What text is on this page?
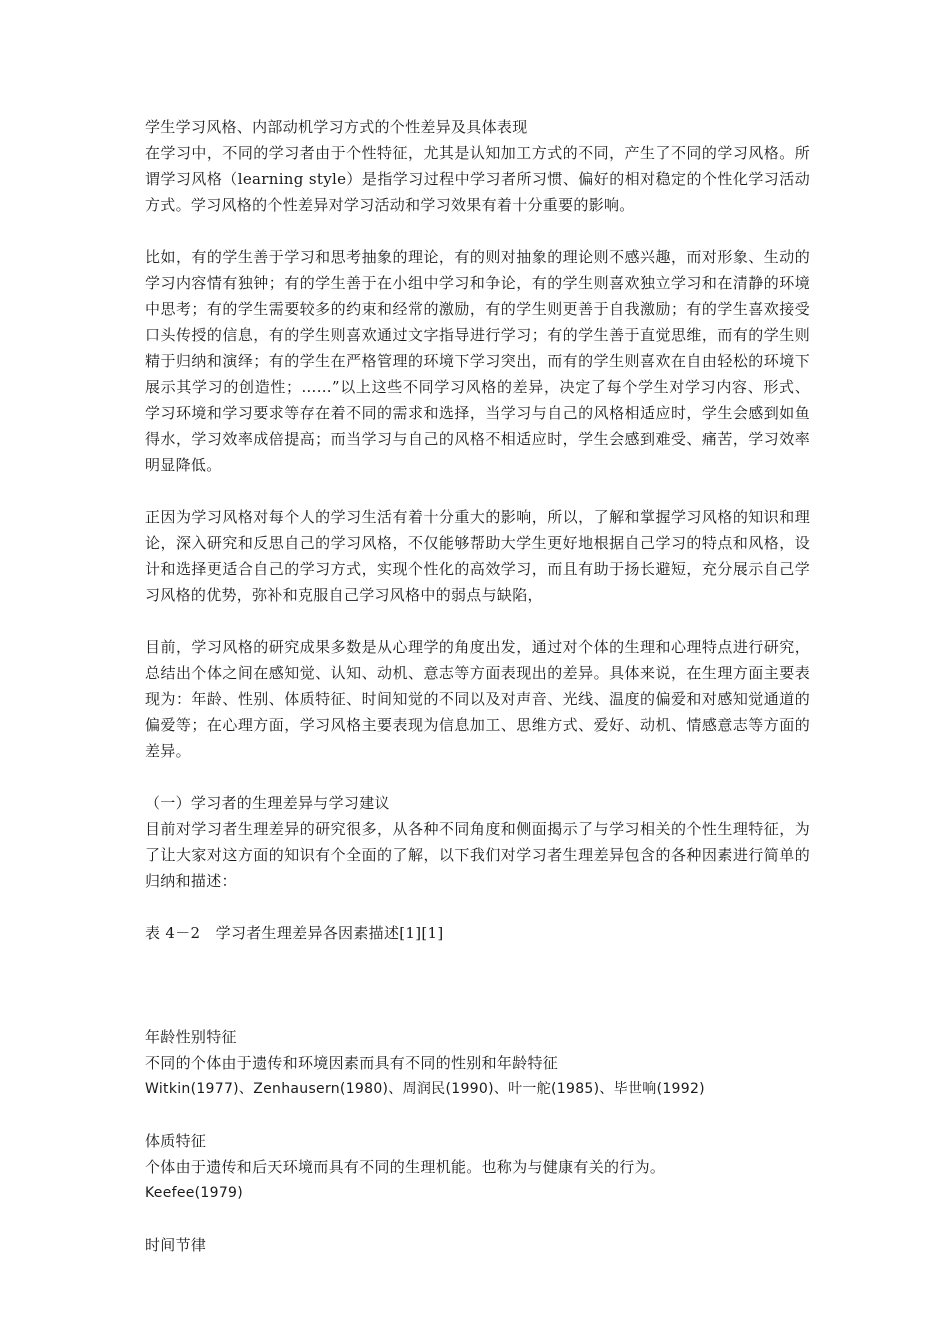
学生学习风格、内部动机学习方式的个性差异及具体表现

在学习中，不同的学习者由于个性特征，尤其是认知加工方式的不同，产生了不同的学习风格。所谓学习风格（learning style）是指学习过程中学习者所习惯、偏好的相对稳定的个性化学习活动方式。学习风格的个性差异对学习活动和学习效果有着十分重要的影响。

比如，有的学生善于学习和思考抽象的理论，有的则对抽象的理论则不感兴趣，而对形象、生动的学习内容情有独钟；有的学生善于在小组中学习和争论，有的学生则喜欢独立学习和在清静的环境中思考；有的学生需要较多的约束和经常的激励，有的学生则更善于自我激励；有的学生喜欢接受口头传授的信息，有的学生则喜欢通过文字指导进行学习；有的学生善于直觉思维，而有的学生则精于归纳和演绎；有的学生在严格管理的环境下学习突出，而有的学生则喜欢在自由轻松的环境下展示其学习的创造性；……”以上这些不同学习风格的差异，决定了每个学生对学习内容、形式、学习环境和学习要求等存在着不同的需求和选择，当学习与自己的风格相适应时，学生会感到如鱼得水，学习效率成倍提高；而当学习与自己的风格不相适应时，学生会感到难受、痛苦，学习效率明显降低。

正因为学习风格对每个人的学习生活有着十分重大的影响，所以，了解和掌握学习风格的知识和理论，深入研究和反思自己的学习风格，不仅能够帮助大学生更好地根据自己学习的特点和风格，设计和选择更适合自己的学习方式，实现个性化的高效学习，而且有助于扬长避短，充分展示自己学习风格的优势，弥补和克服自己学习风格中的弱点与缺陷，

目前，学习风格的研究成果多数是从心理学的角度出发，通过对个体的生理和心理特点进行研究，总结出个体之间在感知觉、认知、动机、意志等方面表现出的差异。具体来说，在生理方面主要表现为：年龄、性别、体质特征、时间知觉的不同以及对声音、光线、温度的偏爱和对感知觉通道的偏爱等；在心理方面，学习风格主要表现为信息加工、思维方式、爱好、动机、情感意志等方面的差异。

（一）学习者的生理差异与学习建议

目前对学习者生理差异的研究很多，从各种不同角度和侧面揭示了与学习相关的个性生理特征，为了让大家对这方面的知识有个全面的了解，以下我们对学习者生理差异包含的各种因素进行简单的归纳和描述：

表 4－2　学习者生理差异各因素描述[1][1]

年龄性别特征

不同的个体由于遗传和环境因素而具有不同的性别和年龄特征

Witkin(1977)、Zenhausern(1980)、周润民(1990)、叶一舵(1985)、毕世响(1992)

体质特征

个体由于遗传和后天环境而具有不同的生理机能。也称为与健康有关的行为。

Keefee(1979)

时间节律
